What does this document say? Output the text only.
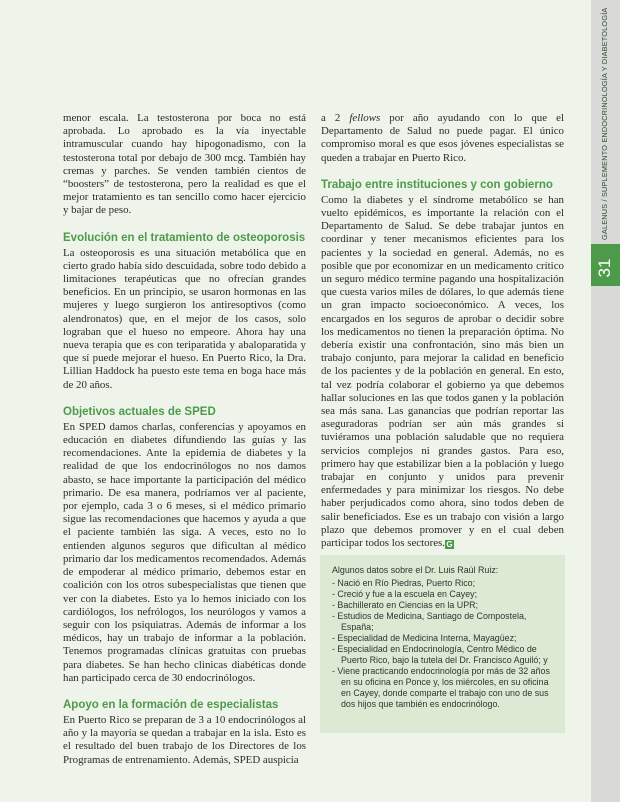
GALENUS / SUPLEMENTO ENDOCRINOLOGÍA Y DIABETOLOGÍA
31

menor escala. La testosterona por boca no está aprobada. Lo aprobado es la vía inyectable intramuscular cuando hay hipogonadismo, con la testosterona total por debajo de 300 mcg. También hay cremas y parches. Se venden también cientos de “boosters” de testosterona, pero la realidad es que el mejor tratamiento es tan sencillo como hacer ejercicio y bajar de peso.

Evolución en el tratamiento de osteoporosis

La osteoporosis es una situación metabólica que en cierto grado había sido descuidada, sobre todo debido a limitaciones terapéuticas que no ofrecían grandes beneficios. En un principio, se usaron hormonas en las mujeres y luego surgieron los antiresoptivos (como alendronatos) que, en el mejor de los casos, solo lograban que el hueso no empeore. Ahora hay una nueva terapia que es con teriparatida y abaloparatida y que sí puede mejorar el hueso. En Puerto Rico, la Dra. Lillian Haddock ha puesto este tema en boga hace más de 20 años.

Objetivos actuales de SPED

En SPED damos charlas, conferencias y apoyamos en educación en diabetes difundiendo las guías y las recomendaciones. Ante la epidemia de diabetes y la realidad de que los endocrinólogos no nos damos abasto, se hace importante la participación del médico primario. De esa manera, podríamos ver al paciente, por ejemplo, cada 3 o 6 meses, si el médico primario sigue las recomendaciones que hacemos y ayuda a que el paciente también las siga. A veces, esto no lo entienden algunos seguros que dificultan al médico primario dar los medicamentos recomendados. Además de empoderar al médico primario, debemos estar en coalición con los otros subespecialistas que tienen que ver con la diabetes. Esto ya lo hemos iniciado con los cardiólogos, los nefrólogos, los neurólogos y vamos a seguir con los psiquiatras. Además de informar a los médicos, hay un trabajo de informar a la población. Tenemos programadas clínicas gratuitas con pruebas para diabetes. Se han hecho clinicas diabéticas donde han participado cerca de 30 endocrinólogos.

Apoyo en la formación de especialistas

En Puerto Rico se preparan de 3 a 10 endocrinólogos al año y la mayoría se quedan a trabajar en la isla. Esto es el resultado del buen trabajo de los Directores de los Programas de entrenamiento. Además, SPED auspicia

a 2 fellows por año ayudando con lo que el Departamento de Salud no puede pagar. El único compromiso moral es que esos jóvenes especialistas se queden a trabajar en Puerto Rico.

Trabajo entre instituciones y con gobierno

Como la diabetes y el síndrome metabólico se han vuelto epidémicos, es importante la relación con el Departamento de Salud. Se debe trabajar juntos en coordinar y tener mecanismos eficientes para los pacientes y la sociedad en general. Además, no es posible que por economizar en un medicamento crítico un seguro médico termine pagando una hospitalización que cuesta varios miles de dólares, lo que además tiene un gran impacto socioeconómico. A veces, los encargados en los seguros de aprobar o decidir sobre los medicamentos no tienen la preparación óptima. No debería existir una confrontación, sino más bien un trabajo conjunto, para mejorar la calidad en beneficio de los pacientes y de la población en general. En esto, tal vez podría colaborar el gobierno ya que debemos hallar soluciones en las que todos ganen y la población sea más sana. Las ganancias que podrían reportar las aseguradoras podrían ser aún más grandes si tuviéramos una población saludable que no requiera servicios complejos ni grandes gastos. Para eso, primero hay que estabilizar bien a la población y luego trabajar en conjunto y unidos para prevenir enfermedades y para minimizar los riesgos. No debe haber perjudicados como ahora, sino todos deben de salir beneficiados. Ese es un trabajo con visión a largo plazo que debemos promover y en el cual deben participar todos los sectores.G

Algunos datos sobre el Dr. Luis Raúl Ruiz:
- Nació en Río Piedras, Puerto Rico;
- Creció y fue a la escuela en Cayey;
- Bachillerato en Ciencias en la UPR;
- Estudios de Medicina, Santiago de Compostela, España;
- Especialidad de Medicina Interna, Mayagüez;
- Especialidad en Endocrinología, Centro Médico de Puerto Rico, bajo la tutela del Dr. Francisco Aguiló; y
- Viene practicando endocrinología por más de 32 años en su oficina en Ponce y, los miércoles, en su oficina en Cayey, donde comparte el trabajo con uno de sus dos hijos que también es endocrinólogo.
